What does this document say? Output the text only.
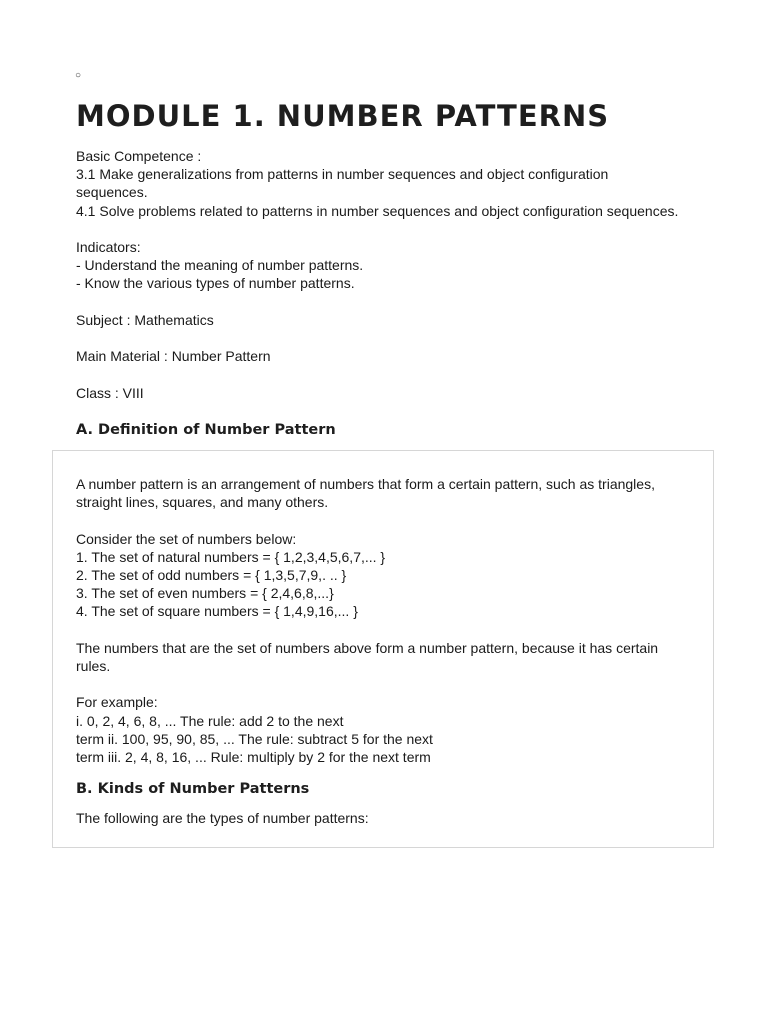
○
MODULE 1. NUMBER PATTERNS
Basic Competence :
3.1 Make generalizations from patterns in number sequences and object configuration
sequences.
4.1 Solve problems related to patterns in number sequences and object configuration sequences.
Indicators:
- Understand the meaning of number patterns.
- Know the various types of number patterns.
Subject : Mathematics
Main Material : Number Pattern
Class : VIII
A. Definition of Number Pattern
A number pattern is an arrangement of numbers that form a certain pattern, such as triangles,
straight lines, squares, and many others.
Consider the set of numbers below:
1. The set of natural numbers = { 1,2,3,4,5,6,7,... }
2. The set of odd numbers = { 1,3,5,7,9,. .. }
3. The set of even numbers = { 2,4,6,8,...}
4. The set of square numbers = { 1,4,9,16,... }
The numbers that are the set of numbers above form a number pattern, because it has certain
rules.
For example:
i. 0, 2, 4, 6, 8, ... The rule: add 2 to the next
term ii. 100, 95, 90, 85, ... The rule: subtract 5 for the next
term iii. 2, 4, 8, 16, ... Rule: multiply by 2 for the next term
B. Kinds of Number Patterns
The following are the types of number patterns:
